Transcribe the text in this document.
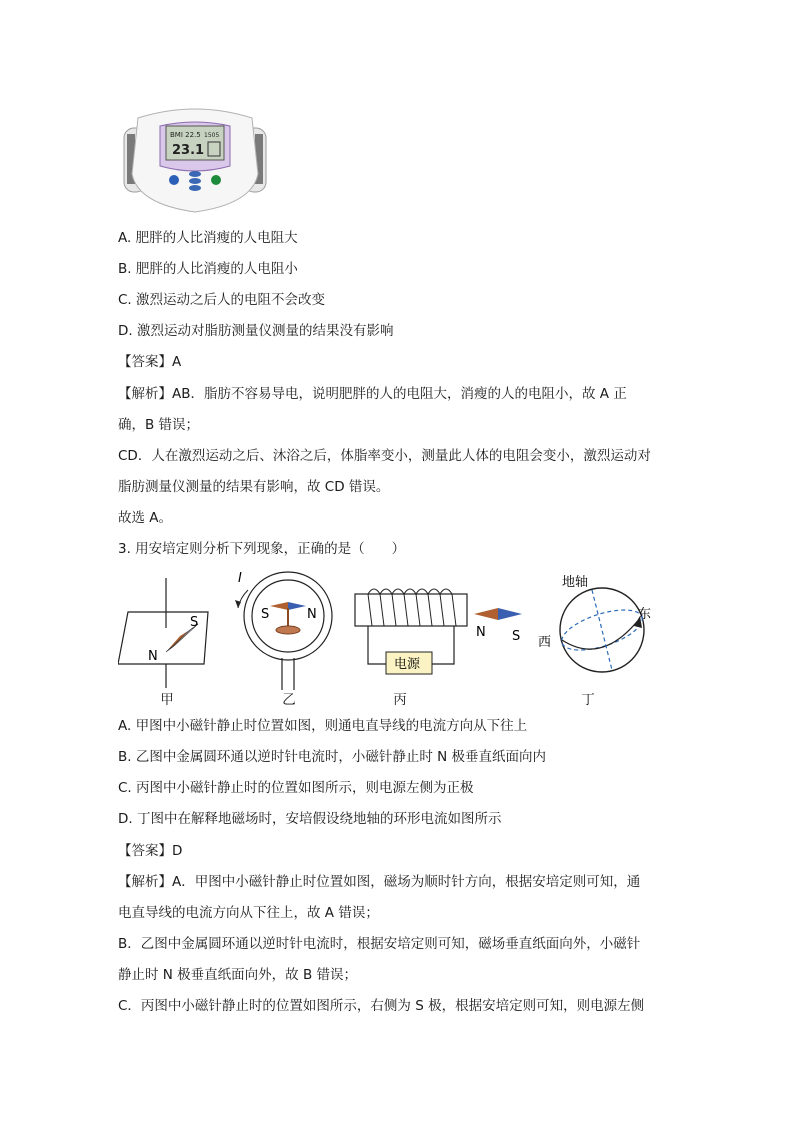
BMI 22.5 1505
23.1
A. 肥胖的人比消瘦的人电阻大
B. 肥胖的人比消瘦的人电阻小
C. 激烈运动之后人的电阻不会改变
D. 激烈运动对脂肪测量仪测量的结果没有影响
【答案】A
【解析】AB．脂肪不容易导电，说明肥胖的人的电阻大，消瘦的人的电阻小，故 A 正
确，B 错误；
CD．人在激烈运动之后、沐浴之后，体脂率变小，测量此人体的电阻会变小，激烈运动对
脂肪测量仪测量的结果有影响，故 CD 错误。
故选 A。
3. 用安培定则分析下列现象，正确的是（　　）
S
N
甲
I
S	N
乙
电源
N S
丙
地轴
东
西
丁
A. 甲图中小磁针静止时位置如图，则通电直导线的电流方向从下往上
B. 乙图中金属圆环通以逆时针电流时，小磁针静止时 N 极垂直纸面向内
C. 丙图中小磁针静止时的位置如图所示，则电源左侧为正极
D. 丁图中在解释地磁场时，安培假设绕地轴的环形电流如图所示
【答案】D
【解析】A．甲图中小磁针静止时位置如图，磁场为顺时针方向，根据安培定则可知，通
电直导线的电流方向从下往上，故 A 错误；
B．乙图中金属圆环通以逆时针电流时，根据安培定则可知，磁场垂直纸面向外，小磁针
静止时 N 极垂直纸面向外，故 B 错误；
C．丙图中小磁针静止时的位置如图所示，右侧为 S 极，根据安培定则可知，则电源左侧
